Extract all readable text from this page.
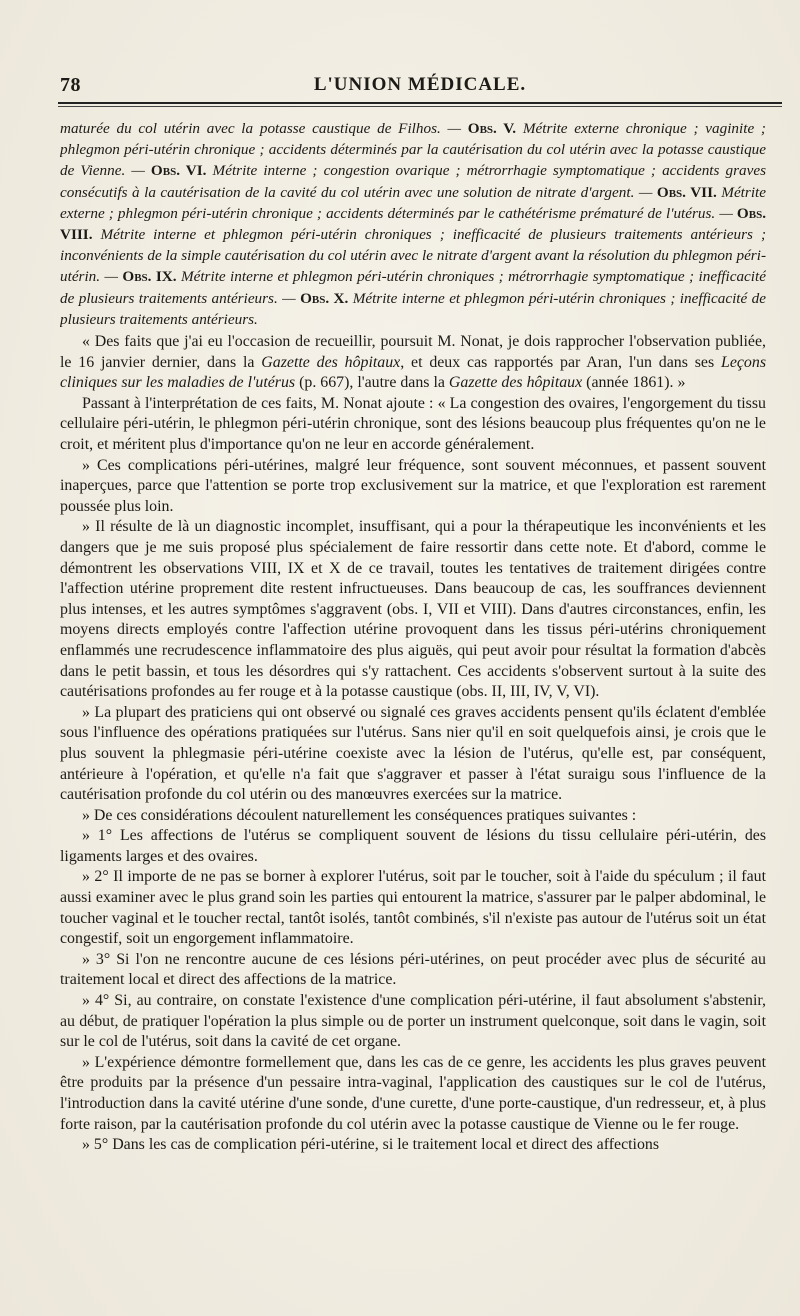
78	L'UNION MÉDICALE.

maturée du col utérin avec la potasse caustique de Filhos. — Obs. V. Métrite externe chronique ; vaginite ; phlegmon péri-utérin chronique ; accidents déterminés par la cautérisation du col utérin avec la potasse caustique de Vienne. — Obs. VI. Métrite interne ; congestion ovarique ; métrorrhagie symptomatique ; accidents graves consécutifs à la cautérisation de la cavité du col utérin avec une solution de nitrate d'argent. — Obs. VII. Métrite externe ; phlegmon péri-utérin chronique ; accidents déterminés par le cathétérisme prématuré de l'utérus. — Obs. VIII. Métrite interne et phlegmon péri-utérin chroniques ; inefficacité de plusieurs traitements antérieurs ; inconvénients de la simple cautérisation du col utérin avec le nitrate d'argent avant la résolution du phlegmon péri-utérin. — Obs. IX. Métrite interne et phlegmon péri-utérin chroniques ; métrorrhagie symptomatique ; inefficacité de plusieurs traitements antérieurs. — Obs. X. Métrite interne et phlegmon péri-utérin chroniques ; inefficacité de plusieurs traitements antérieurs.

« Des faits que j'ai eu l'occasion de recueillir, poursuit M. Nonat, je dois rapprocher l'observation publiée, le 16 janvier dernier, dans la Gazette des hôpitaux, et deux cas rapportés par Aran, l'un dans ses Leçons cliniques sur les maladies de l'utérus (p. 667), l'autre dans la Gazette des hôpitaux (année 1861). »

Passant à l'interprétation de ces faits, M. Nonat ajoute : « La congestion des ovaires, l'engorgement du tissu cellulaire péri-utérin, le phlegmon péri-utérin chronique, sont des lésions beaucoup plus fréquentes qu'on ne le croit, et méritent plus d'importance qu'on ne leur en accorde généralement.

» Ces complications péri-utérines, malgré leur fréquence, sont souvent méconnues, et passent souvent inaperçues, parce que l'attention se porte trop exclusivement sur la matrice, et que l'exploration est rarement poussée plus loin.

» Il résulte de là un diagnostic incomplet, insuffisant, qui a pour la thérapeutique les inconvénients et les dangers que je me suis proposé plus spécialement de faire ressortir dans cette note. Et d'abord, comme le démontrent les observations VIII, IX et X de ce travail, toutes les tentatives de traitement dirigées contre l'affection utérine proprement dite restent infructueuses. Dans beaucoup de cas, les souffrances deviennent plus intenses, et les autres symptômes s'aggravent (obs. I, VII et VIII). Dans d'autres circonstances, enfin, les moyens directs employés contre l'affection utérine provoquent dans les tissus péri-utérins chroniquement enflammés une recrudescence inflammatoire des plus aiguës, qui peut avoir pour résultat la formation d'abcès dans le petit bassin, et tous les désordres qui s'y rattachent. Ces accidents s'observent surtout à la suite des cautérisations profondes au fer rouge et à la potasse caustique (obs. II, III, IV, V, VI).

» La plupart des praticiens qui ont observé ou signalé ces graves accidents pensent qu'ils éclatent d'emblée sous l'influence des opérations pratiquées sur l'utérus. Sans nier qu'il en soit quelquefois ainsi, je crois que le plus souvent la phlegmasie péri-utérine coexiste avec la lésion de l'utérus, qu'elle est, par conséquent, antérieure à l'opération, et qu'elle n'a fait que s'aggraver et passer à l'état suraigu sous l'influence de la cautérisation profonde du col utérin ou des manœuvres exercées sur la matrice.

» De ces considérations découlent naturellement les conséquences pratiques suivantes :

» 1° Les affections de l'utérus se compliquent souvent de lésions du tissu cellulaire péri-utérin, des ligaments larges et des ovaires.

» 2° Il importe de ne pas se borner à explorer l'utérus, soit par le toucher, soit à l'aide du spéculum ; il faut aussi examiner avec le plus grand soin les parties qui entourent la matrice, s'assurer par le palper abdominal, le toucher vaginal et le toucher rectal, tantôt isolés, tantôt combinés, s'il n'existe pas autour de l'utérus soit un état congestif, soit un engorgement inflammatoire.

» 3° Si l'on ne rencontre aucune de ces lésions péri-utérines, on peut procéder avec plus de sécurité au traitement local et direct des affections de la matrice.

» 4° Si, au contraire, on constate l'existence d'une complication péri-utérine, il faut absolument s'abstenir, au début, de pratiquer l'opération la plus simple ou de porter un instrument quelconque, soit dans le vagin, soit sur le col de l'utérus, soit dans la cavité de cet organe.

» L'expérience démontre formellement que, dans les cas de ce genre, les accidents les plus graves peuvent être produits par la présence d'un pessaire intra-vaginal, l'application des caustiques sur le col de l'utérus, l'introduction dans la cavité utérine d'une sonde, d'une curette, d'une porte-caustique, d'un redresseur, et, à plus forte raison, par la cautérisation profonde du col utérin avec la potasse caustique de Vienne ou le fer rouge.

» 5° Dans les cas de complication péri-utérine, si le traitement local et direct des affections
